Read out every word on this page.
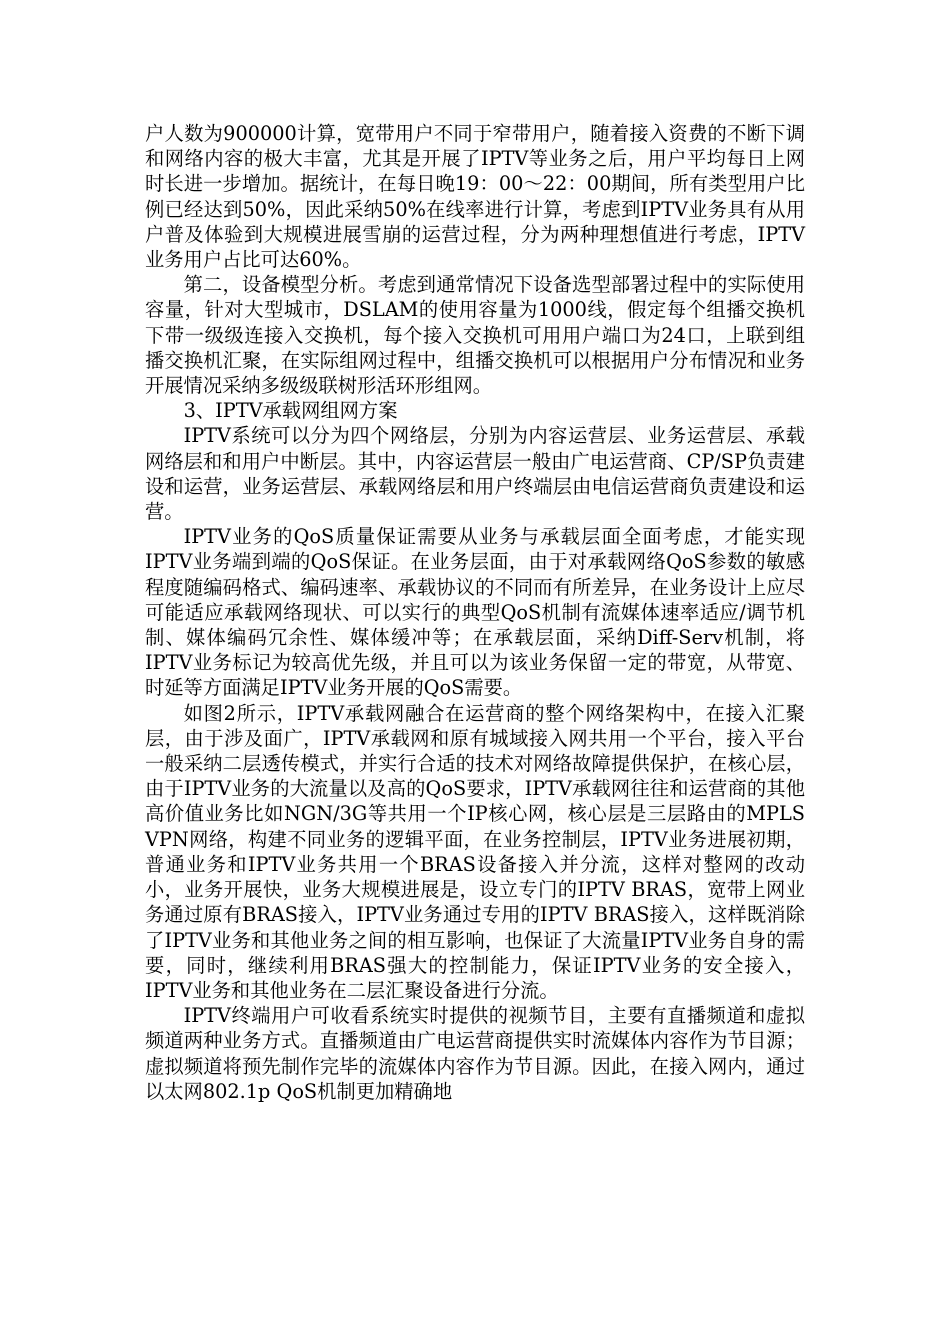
户人数为900000计算，宽带用户不同于窄带用户，随着接入资费的不断下调和网络内容的极大丰富，尤其是开展了IPTV等业务之后，用户平均每日上网时长进一步增加。据统计，在每日晚19：00～22：00期间，所有类型用户比例已经达到50%，因此采纳50%在线率进行计算，考虑到IPTV业务具有从用户普及体验到大规模进展雪崩的运营过程，分为两种理想值进行考虑，IPTV业务用户占比可达60%。

第二，设备模型分析。考虑到通常情况下设备选型部署过程中的实际使用容量，针对大型城市，DSLAM的使用容量为1000线，假定每个组播交换机下带一级级连接入交换机，每个接入交换机可用用户端口为24口，上联到组播交换机汇聚，在实际组网过程中，组播交换机可以根据用户分布情况和业务开展情况采纳多级级联树形活环形组网。

3、IPTV承载网组网方案

IPTV系统可以分为四个网络层，分别为内容运营层、业务运营层、承载网络层和和用户中断层。其中，内容运营层一般由广电运营商、CP/SP负责建设和运营，业务运营层、承载网络层和用户终端层由电信运营商负责建设和运营。

IPTV业务的QoS质量保证需要从业务与承载层面全面考虑，才能实现IPTV业务端到端的QoS保证。在业务层面，由于对承载网络QoS参数的敏感程度随编码格式、编码速率、承载协议的不同而有所差异，在业务设计上应尽可能适应承载网络现状、可以实行的典型QoS机制有流媒体速率适应/调节机制、媒体编码冗余性、媒体缓冲等；在承载层面，采纳Diff-Serv机制，将IPTV业务标记为较高优先级，并且可以为该业务保留一定的带宽，从带宽、时延等方面满足IPTV业务开展的QoS需要。

如图2所示，IPTV承载网融合在运营商的整个网络架构中，在接入汇聚层，由于涉及面广，IPTV承载网和原有城域接入网共用一个平台，接入平台一般采纳二层透传模式，并实行合适的技术对网络故障提供保护，在核心层，由于IPTV业务的大流量以及高的QoS要求，IPTV承载网往往和运营商的其他高价值业务比如NGN/3G等共用一个IP核心网，核心层是三层路由的MPLS VPN网络，构建不同业务的逻辑平面，在业务控制层，IPTV业务进展初期，普通业务和IPTV业务共用一个BRAS设备接入并分流，这样对整网的改动小，业务开展快，业务大规模进展是，设立专门的IPTV BRAS，宽带上网业务通过原有BRAS接入，IPTV业务通过专用的IPTV BRAS接入，这样既消除了IPTV业务和其他业务之间的相互影响，也保证了大流量IPTV业务自身的需要，同时，继续利用BRAS强大的控制能力，保证IPTV业务的安全接入，IPTV业务和其他业务在二层汇聚设备进行分流。

IPTV终端用户可收看系统实时提供的视频节目，主要有直播频道和虚拟频道两种业务方式。直播频道由广电运营商提供实时流媒体内容作为节目源；虚拟频道将预先制作完毕的流媒体内容作为节目源。因此，在接入网内，通过以太网802.1p QoS机制更加精确地
